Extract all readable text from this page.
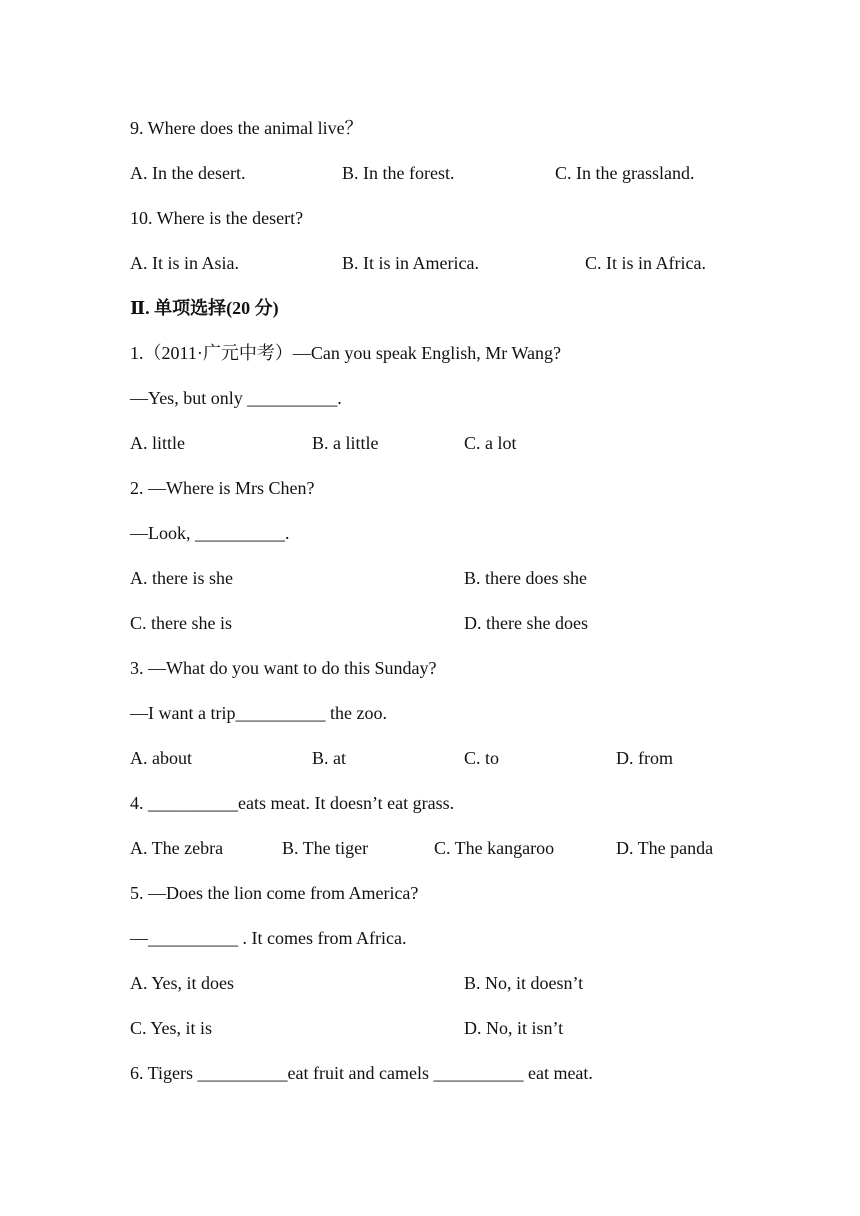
9. Where does the animal live？
A. In the desert.	B. In the forest.	C. In the grassland.
10. Where is the desert?
A. It is in Asia.	B. It is in America.	C. It is in Africa.
Ⅱ. 单项选择(20 分)
1.（2011·广元中考）—Can you speak English, Mr Wang?
—Yes, but only __________.
A. little	B. a little	C. a lot
2. —Where is Mrs Chen?
—Look, __________.
A. there is she	B. there does she
C. there she is	D. there she does
3. —What do you want to do this Sunday?
—I want a trip__________ the zoo.
A. about	B. at	C. to	D. from
4. __________eats meat. It doesn’t eat grass.
A. The zebra	B. The tiger	C. The kangaroo	D. The panda
5. —Does the lion come from America?
—__________ . It comes from Africa.
A. Yes, it does	B. No, it doesn’t
C. Yes, it is	D. No, it isn’t
6. Tigers __________eat fruit and camels __________ eat meat.
